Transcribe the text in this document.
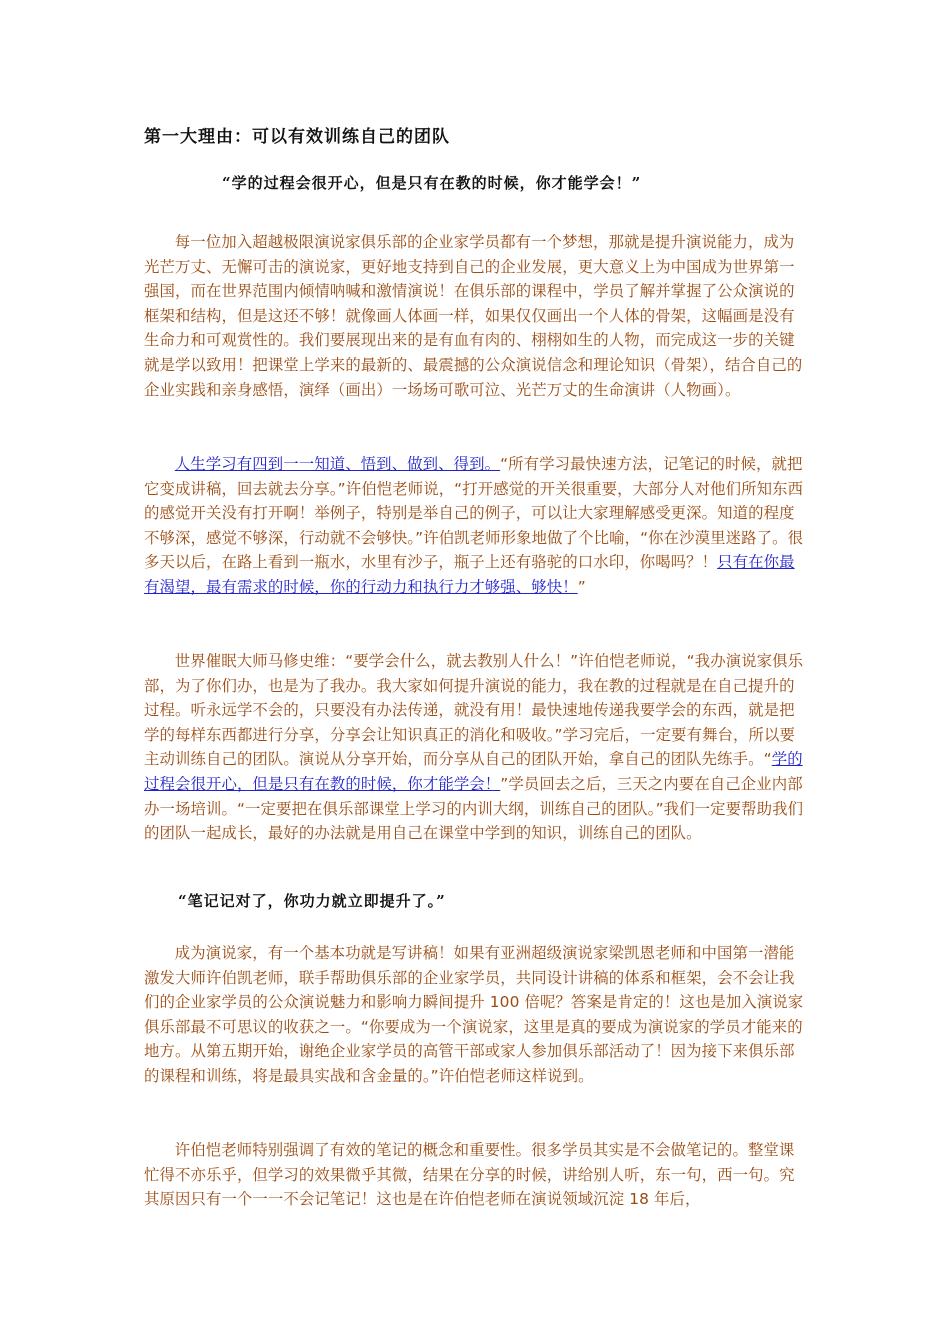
第一大理由：可以有效训练自己的团队

“学的过程会很开心，但是只有在教的时候，你才能学会！”

每一位加入超越极限演说家俱乐部的企业家学员都有一个梦想，那就是提升演说能力，成为光芒万丈、无懈可击的演说家，更好地支持到自己的企业发展，更大意义上为中国成为世界第一强国，而在世界范围内倾情呐喊和激情演说！在俱乐部的课程中，学员了解并掌握了公众演说的框架和结构，但是这还不够！就像画人体画一样，如果仅仅画出一个人体的骨架，这幅画是没有生命力和可观赏性的。我们要展现出来的是有血有肉的、栩栩如生的人物，而完成这一步的关键就是学以致用！把课堂上学来的最新的、最震撼的公众演说信念和理论知识（骨架），结合自己的企业实践和亲身感悟，演绎（画出）一场场可歌可泣、光芒万丈的生命演讲（人物画）。

人生学习有四到一一知道、悟到、做到、得到。“所有学习最快速方法，记笔记的时候，就把它变成讲稿，回去就去分享。”许伯恺老师说，“打开感觉的开关很重要，大部分人对他们所知东西的感觉开关没有打开啊！举例子，特别是举自己的例子，可以让大家理解感受更深。知道的程度不够深，感觉不够深，行动就不会够快。”许伯凯老师形象地做了个比喻，“你在沙漠里迷路了。很多天以后，在路上看到一瓶水，水里有沙子，瓶子上还有骆驼的口水印，你喝吗？！只有在你最有渴望，最有需求的时候，你的行动力和执行力才够强、够快！”

世界催眠大师马修史维：“要学会什么，就去教别人什么！”许伯恺老师说，“我办演说家俱乐部，为了你们办，也是为了我办。我大家如何提升演说的能力，我在教的过程就是在自己提升的过程。听永远学不会的，只要没有办法传递，就没有用！最快速地传递我要学会的东西，就是把学的每样东西都进行分享，分享会让知识真正的消化和吸收。”学习完后，一定要有舞台，所以要主动训练自己的团队。演说从分享开始，而分享从自己的团队开始，拿自己的团队先练手。“学的过程会很开心，但是只有在教的时候，你才能学会！”学员回去之后，三天之内要在自己企业内部办一场培训。“一定要把在俱乐部课堂上学习的内训大纲，训练自己的团队。”我们一定要帮助我们的团队一起成长，最好的办法就是用自己在课堂中学到的知识，训练自己的团队。

“笔记记对了，你功力就立即提升了。”

成为演说家，有一个基本功就是写讲稿！如果有亚洲超级演说家梁凯恩老师和中国第一潜能激发大师许伯凯老师，联手帮助俱乐部的企业家学员，共同设计讲稿的体系和框架，会不会让我们的企业家学员的公众演说魅力和影响力瞬间提升 100 倍呢？答案是肯定的！这也是加入演说家俱乐部最不可思议的收获之一。“你要成为一个演说家，这里是真的要成为演说家的学员才能来的地方。从第五期开始，谢绝企业家学员的高管干部或家人参加俱乐部活动了！因为接下来俱乐部的课程和训练，将是最具实战和含金量的。”许伯恺老师这样说到。

许伯恺老师特别强调了有效的笔记的概念和重要性。很多学员其实是不会做笔记的。整堂课忙得不亦乐乎，但学习的效果微乎其微，结果在分享的时候，讲给别人听，东一句，西一句。究其原因只有一个一一不会记笔记！这也是在许伯恺老师在演说领域沉淀 18 年后，
